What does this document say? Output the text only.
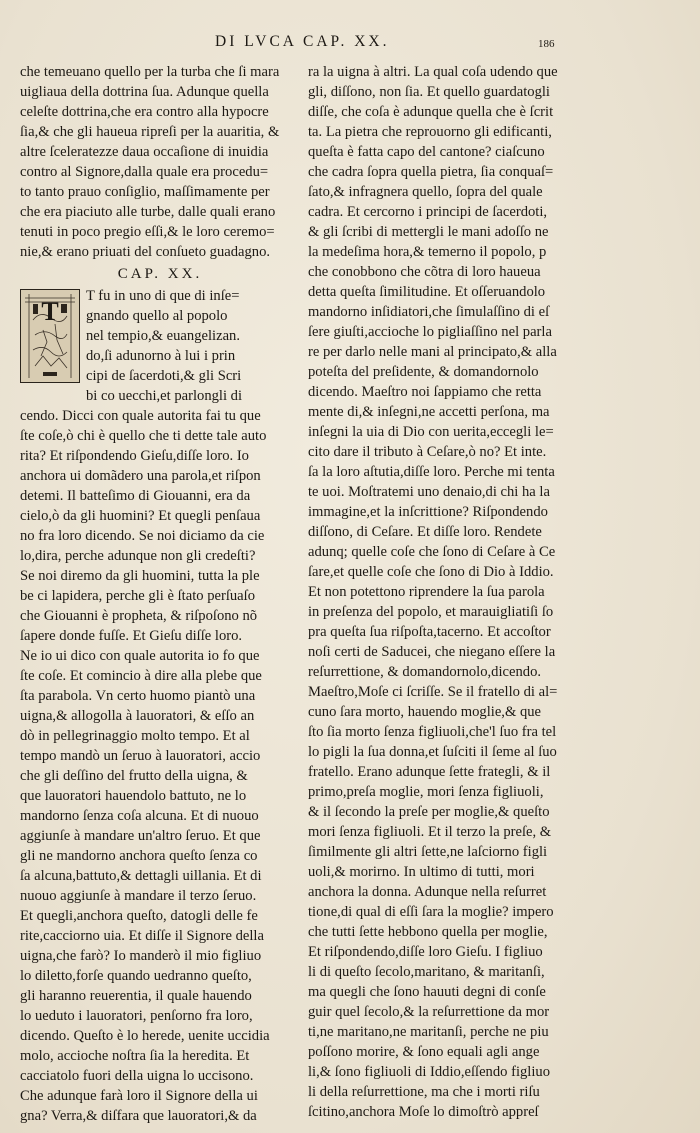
DI LVCA CAP. XX.	186
che temeuano quello per la turba che ſi mara
uigliaua della dottrina ſua. Adunque quella
celeſte dottrina,che era contro alla hypocre
ſia,& che gli haueua ripreſi per la auaritia, &
altre ſceleratezze daua occaſione di inuidia
contro al Signore,dalla quale era procedu=
to tanto prauo conſiglio, maſſimamente per
che era piaciuto alle turbe, dalle quali erano
tenuti in poco pregio eſſi,& le loro ceremo=
nie,& erano priuati del conſueto guadagno.
CAP. XX.
T
T fu in uno di que di inſe=
gnando quello al popolo
nel tempio,& euangelizan.
do,ſi adunorno à lui i prin
cipi de ſacerdoti,& gli Scri
bi co uecchi,et parlongli di
cendo. Dicci con quale autorita fai tu que
ſte coſe,ò chi è quello che ti dette tale auto
rita? Et riſpondendo Gieſu,diſſe loro. Io
anchora ui domãdero una parola,et riſpon
detemi. Il batteſimo di Giouanni, era da
cielo,ò da gli huomini? Et quegli penſaua
no fra loro dicendo. Se noi diciamo da cie
lo,dira, perche adunque non gli credeſti?
Se noi diremo da gli huomini, tutta la ple
be ci lapidera, perche gli è ſtato perſuaſo
che Giouanni è propheta, & riſpoſono nõ
ſapere donde fuſſe. Et Gieſu diſſe loro.
Ne io ui dico con quale autorita io fo que
ſte coſe. Et comincio à dire alla plebe que
ſta parabola. Vn certo huomo piantò una
uigna,& allogolla à lauoratori, & eſſo an
dò in pellegrinaggio molto tempo. Et al
tempo mandò un ſeruo à lauoratori, accio
che gli deſſino del frutto della uigna, &
que lauoratori hauendolo battuto, ne lo
mandorno ſenza coſa alcuna. Et di nuouo
aggiunſe à mandare un'altro ſeruo. Et que
gli ne mandorno anchora queſto ſenza co
ſa alcuna,battuto,& dettagli uillania. Et di
nuouo aggiunſe à mandare il terzo ſeruo.
Et quegli,anchora queſto, datogli delle fe
rite,cacciorno uia. Et diſſe il Signore della
uigna,che farò? Io manderò il mio figliuo
lo diletto,forſe quando uedranno queſto,
gli haranno reuerentia, il quale hauendo
lo ueduto i lauoratori, penſorno fra loro,
dicendo. Queſto è lo herede, uenite uccidia
molo, accioche noſtra ſia la heredita. Et
cacciatolo fuori della uigna lo uccisono.
Che adunque farà loro il Signore della ui
gna? Verra,& diſfara que lauoratori,& da
ra la uigna à altri. La qual coſa udendo que
gli, diſſono, non ſia. Et quello guardatogli
diſſe, che coſa è adunque quella che è ſcrit
ta. La pietra che reprouorno gli edificanti,
queſta è fatta capo del cantone? ciaſcuno
che cadra ſopra quella pietra, ſia conquaſ=
ſato,& infragnera quello, ſopra del quale
cadra. Et cercorno i principi de ſacerdoti,
& gli ſcribi di mettergli le mani adoſſo ne
la medeſima hora,& temerno il popolo, p
che conobbono che cõtra di loro haueua
detta queſta ſimilitudine. Et oſſeruandolo
mandorno inſidiatori,che ſimulaſſino di eſ
ſere giuſti,accioche lo pigliaſſino nel parla
re per darlo nelle mani al principato,& alla
poteſta del preſidente, & domandornolo
dicendo. Maeſtro noi ſappiamo che retta
mente di,& inſegni,ne accetti perſona, ma
inſegni la uia di Dio con uerita,eccegli le=
cito dare il tributo à Ceſare,ò no? Et inte.
ſa la loro aſtutia,diſſe loro. Perche mi tenta
te uoi. Moſtratemi uno denaio,di chi ha la
immagine,et la inſcrittione? Riſpondendo
diſſono, di Ceſare. Et diſſe loro. Rendete
adunq; quelle coſe che ſono di Ceſare à Ce
ſare,et quelle coſe che ſono di Dio à Iddio.
Et non potettono riprendere la ſua parola
in preſenza del popolo, et marauigliatiſi ſo
pra queſta ſua riſpoſta,tacerno. Et accoſtor
noſi certi de Saducei, che niegano eſſere la
reſurrettione, & domandornolo,dicendo.
Maeſtro,Moſe ci ſcriſſe. Se il fratello di al=
cuno ſara morto, hauendo moglie,& que
ſto ſia morto ſenza figliuoli,che'l ſuo fra tel
lo pigli la ſua donna,et ſuſciti il ſeme al ſuo
fratello. Erano adunque ſette frategli, & il
primo,preſa moglie, mori ſenza figliuoli,
& il ſecondo la preſe per moglie,& queſto
mori ſenza figliuoli. Et il terzo la preſe, &
ſimilmente gli altri ſette,ne laſciorno figli
uoli,& morirno. In ultimo di tutti, mori
anchora la donna. Adunque nella reſurret
tione,di qual di eſſi ſara la moglie? impero
che tutti ſette hebbono quella per moglie,
Et riſpondendo,diſſe loro Gieſu. I figliuo
li di queſto ſecolo,maritano, & maritanſi,
ma quegli che ſono hauuti degni di conſe
guir quel ſecolo,& la reſurrettione da mor
ti,ne maritano,ne maritanſi, perche ne piu
poſſono morire, & ſono equali agli ange
li,& ſono figliuoli di Iddio,eſſendo figliuo
li della reſurrettione, ma che i morti riſu
ſcitino,anchora Moſe lo dimoſtrò appreſ
